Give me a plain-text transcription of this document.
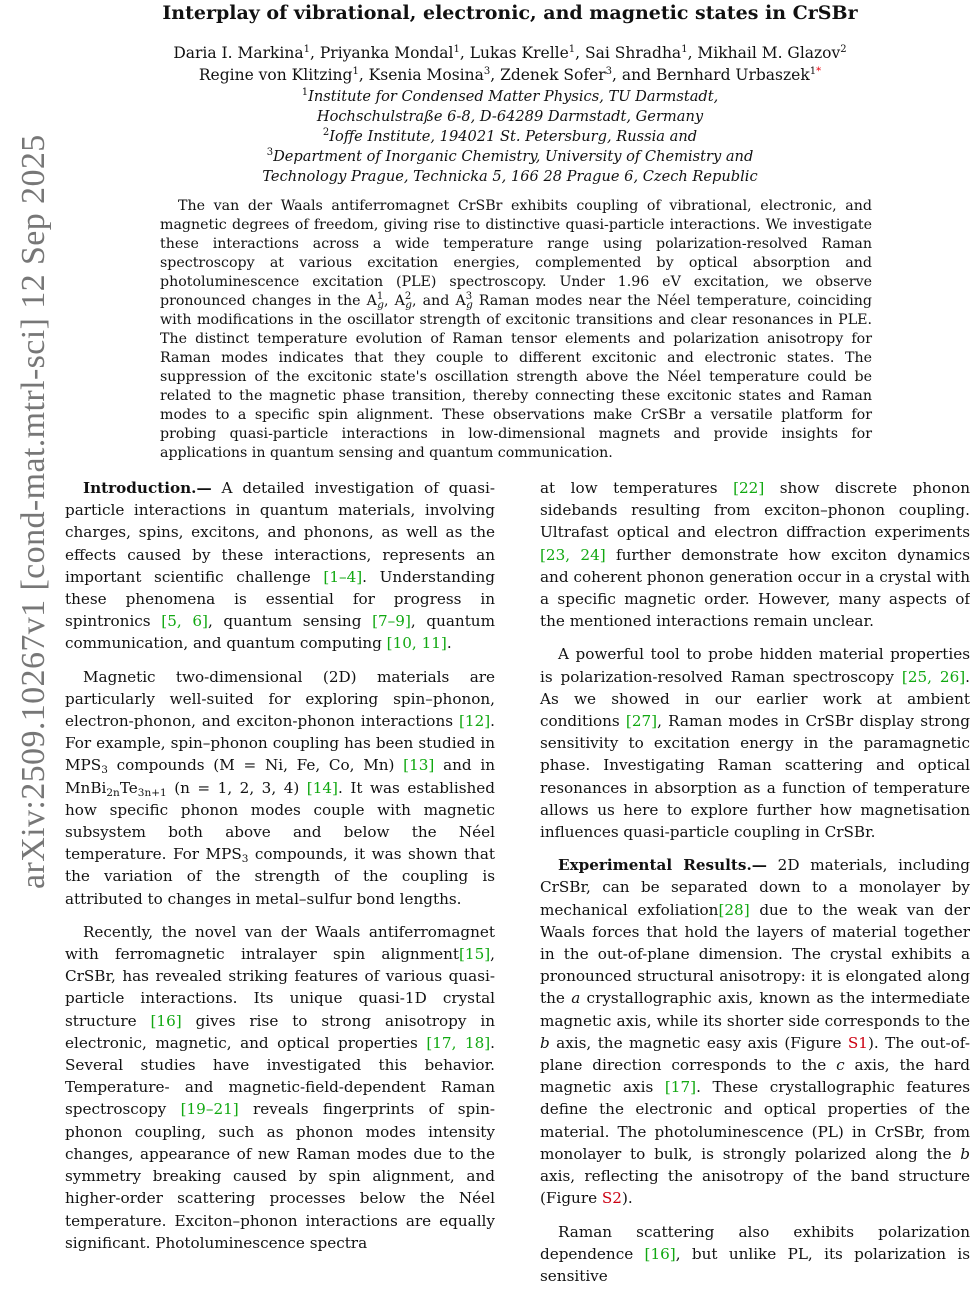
arXiv:2509.10267v1 [cond-mat.mtrl-sci] 12 Sep 2025
Interplay of vibrational, electronic, and magnetic states in CrSBr
Daria I. Markina$^1$, Priyanka Mondal$^1$, Lukas Krelle$^1$, Sai Shradha$^1$, Mikhail M. Glazov$^2$
Regine von Klitzing$^1$, Ksenia Mosina$^3$, Zdenek Sofer$^3$, and Bernhard Urbaszek$^{1*}$
$^1$Institute for Condensed Matter Physics, TU Darmstadt,
Hochschulstraße 6-8, D-64289 Darmstadt, Germany
$^2$Ioffe Institute, 194021 St. Petersburg, Russia and
$^3$Department of Inorganic Chemistry, University of Chemistry and
Technology Prague, Technicka 5, 166 28 Prague 6, Czech Republic
The van der Waals antiferromagnet CrSBr exhibits coupling of vibrational, electronic, and magnetic degrees of freedom, giving rise to distinctive quasi-particle interactions. We investigate these interactions across a wide temperature range using polarization-resolved Raman spectroscopy at various excitation energies, complemented by optical absorption and photoluminescence excitation (PLE) spectroscopy. Under 1.96 eV excitation, we observe pronounced changes in the $A^1_g$, $A^2_g$, and $A^3_g$ Raman modes near the Néel temperature, coinciding with modifications in the oscillator strength of excitonic transitions and clear resonances in PLE. The distinct temperature evolution of Raman tensor elements and polarization anisotropy for Raman modes indicates that they couple to different excitonic and electronic states. The suppression of the excitonic state's oscillation strength above the Néel temperature could be related to the magnetic phase transition, thereby connecting these excitonic states and Raman modes to a specific spin alignment. These observations make CrSBr a versatile platform for probing quasi-particle interactions in low-dimensional magnets and provide insights for applications in quantum sensing and quantum communication.

Introduction.— A detailed investigation of quasi-particle interactions in quantum materials, involving charges, spins, excitons, and phonons, as well as the effects caused by these interactions, represents an important scientific challenge [1–4]. Understanding these phenomena is essential for progress in spintronics [5, 6], quantum sensing [7–9], quantum communication, and quantum computing [10, 11].

Magnetic two-dimensional (2D) materials are particularly well-suited for exploring spin–phonon, electron-phonon, and exciton-phonon interactions [12]. For example, spin–phonon coupling has been studied in $MPS_3$ compounds (M = Ni, Fe, Co, Mn) [13] and in $MnBi_{2n}Te_{3n+1}$ (n = 1, 2, 3, 4) [14]. It was established how specific phonon modes couple with magnetic subsystem both above and below the Néel temperature. For $MPS_3$ compounds, it was shown that the variation of the strength of the coupling is attributed to changes in metal–sulfur bond lengths.

Recently, the novel van der Waals antiferromagnet with ferromagnetic intralayer spin alignment[15], CrSBr, has revealed striking features of various quasi-particle interactions. Its unique quasi-1D crystal structure [16] gives rise to strong anisotropy in electronic, magnetic, and optical properties [17, 18]. Several studies have investigated this behavior. Temperature- and magnetic-field-dependent Raman spectroscopy [19–21] reveals fingerprints of spin-phonon coupling, such as phonon modes intensity changes, appearance of new Raman modes due to the symmetry breaking caused by spin alignment, and higher-order scattering processes below the Néel temperature. Exciton–phonon interactions are equally significant. Photoluminescence spectra

at low temperatures [22] show discrete phonon sidebands resulting from exciton–phonon coupling. Ultrafast optical and electron diffraction experiments [23, 24] further demonstrate how exciton dynamics and coherent phonon generation occur in a crystal with a specific magnetic order. However, many aspects of the mentioned interactions remain unclear.

A powerful tool to probe hidden material properties is polarization-resolved Raman spectroscopy [25, 26]. As we showed in our earlier work at ambient conditions [27], Raman modes in CrSBr display strong sensitivity to excitation energy in the paramagnetic phase. Investigating Raman scattering and optical resonances in absorption as a function of temperature allows us here to explore further how magnetisation influences quasi-particle coupling in CrSBr.

Experimental Results.— 2D materials, including CrSBr, can be separated down to a monolayer by mechanical exfoliation[28] due to the weak van der Waals forces that hold the layers of material together in the out-of-plane dimension. The crystal exhibits a pronounced structural anisotropy: it is elongated along the a crystallographic axis, known as the intermediate magnetic axis, while its shorter side corresponds to the b axis, the magnetic easy axis (Figure S1). The out-of-plane direction corresponds to the c axis, the hard magnetic axis [17]. These crystallographic features define the electronic and optical properties of the material. The photoluminescence (PL) in CrSBr, from monolayer to bulk, is strongly polarized along the b axis, reflecting the anisotropy of the band structure (Figure S2).

Raman scattering also exhibits polarization dependence [16], but unlike PL, its polarization is sensitive
